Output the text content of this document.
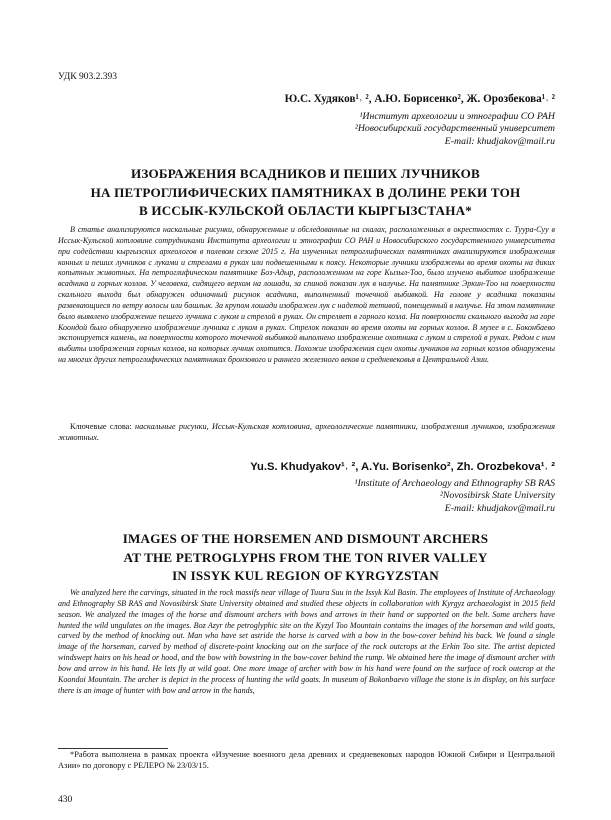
УДК 903.2.393
Ю.С. Худяков¹˒ ², А.Ю. Борисенко², Ж. Орозбекова¹˒ ²
¹Институт археологии и этнографии СО РАН
²Новосибирский государственный университет
E-mail: khudjakov@mail.ru
ИЗОБРАЖЕНИЯ ВСАДНИКОВ И ПЕШИХ ЛУЧНИКОВ
НА ПЕТРОГЛИФИЧЕСКИХ ПАМЯТНИКАХ В ДОЛИНЕ РЕКИ ТОН
В ИССЫК-КУЛЬСКОЙ ОБЛАСТИ КЫРГЫЗСТАНА*
В статье анализируются наскальные рисунки, обнаруженные и обследованные на скалах, расположенных в окрестностях с. Туура-Суу в Иссык-Кульской котловине сотрудниками Института археологии и этнографии СО РАН и Новосибирского государственного университета при содействии кыргызских археологов в полевом сезоне 2015 г. На изученных петроглифических памятниках анализируются изображения конных и пеших лучников с луками и стрелами в руках или подвешенными к поясу. Некоторые лучники изображены во время охоты на диких копытных животных. На петроглифическом памятнике Боз-Адыр, расположенном на горе Кызыл-Тоо, было изучено выбитое изображение всадника и горных козлов. У человека, сидящего верхом на лошади, за спиной показан лук в налучье. На памятнике Эркин-Тоо на поверхности скального выхода был обнаружен одиночный рисунок всадника, выполненный точечной выбивкой. На голове у всадника показаны развевающиеся по ветру волосы или башлык. За крупом лошади изображен лук с надетой тетивой, помещенный в налучье. На этом памятнике было выявлено изображение пешего лучника с луком и стрелой в руках. Он стреляет в горного козла. На поверхности скального выхода на горе Коондой было обнаружено изображение лучника с луком в руках. Стрелок показан во время охоты на горных козлов. В музее в с. Боконбаево экспонируется камень, на поверхности которого точечной выбивкой выполнено изображение охотника с луком и стрелой в руках. Рядом с ним выбиты изображения горных козлов, на которых лучник охотится. Похожие изображения сцен охоты лучников на горных козлов обнаружены на многих других петроглифических памятниках бронзового и раннего железного веков и средневековья в Центральной Азии.
Ключевые слова: наскальные рисунки, Иссык-Кульская котловина, археологические памятники, изображения лучников, изображения животных.
Yu.S. Khudyakov¹˒ ², A.Yu. Borisenko², Zh. Orozbekova¹˒ ²
¹Institute of Archaeology and Ethnography SB RAS
²Novosibirsk State University
E-mail: khudjakov@mail.ru
IMAGES OF THE HORSEMEN AND DISMOUNT ARCHERS
AT THE PETROGLYPHS FROM THE TON RIVER VALLEY
IN ISSYK KUL REGION OF KYRGYZSTAN
We analyzed here the carvings, situated in the rock massifs near village of Tuura Suu in the Issyk Kul Basin. The employees of Institute of Archaeology and Ethnography SB RAS and Novosibirsk State University obtained and studied these objects in collaboration with Kyrgyz archaeologist in 2015 field season. We analyzed the images of the horse and dismount archers with bows and arrows in their hand or supported on the belt. Some archers have hunted the wild ungulates on the images. Boz Azyr the petroglyphic site on the Kyzyl Too Mountain contains the images of the horseman and wild goats, carved by the method of knocking out. Man who have set astride the horse is carved with a bow in the bow-cover behind his back. We found a single image of the horseman, carved by method of discrete-point knocking out on the surface of the rock outcrops at the Erkin Too site. The artist depicted windswept hairs on his head or hood, and the bow with bowstring in the bow-cover behind the rump. We obtained here the image of dismount archer with bow and arrow in his hand. He lets fly at wild goat. One more image of archer with bow in his hand were found on the surface of rock outcrop at the Koondoi Mountain. The archer is depict in the process of hunting the wild goats. In museum of Bokonbaevo village the stone is in display, on his surface there is an image of hunter with bow and arrow in the hands,
*Работа выполнена в рамках проекта «Изучение военного дела древних и средневековых народов Южной Сибири и Центральной Азии» по договору с РЕЛЕРО № 23/03/15.
430
